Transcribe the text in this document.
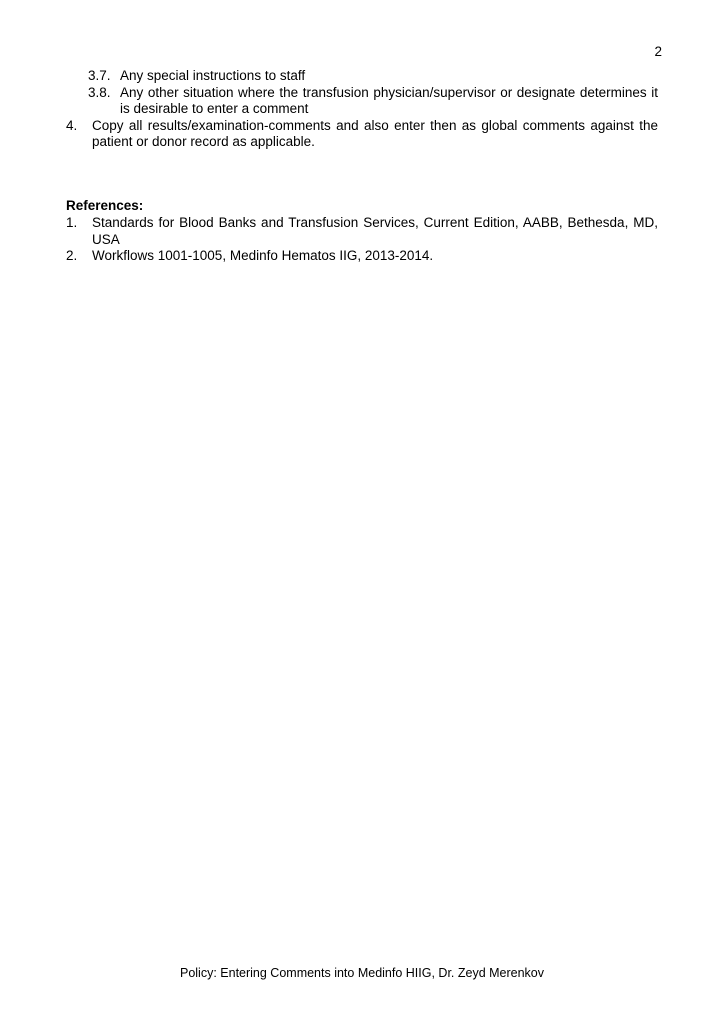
2
3.7. Any special instructions to staff
3.8. Any other situation where the transfusion physician/supervisor or designate determines it is desirable to enter a comment
4.	Copy all results/examination-comments and also enter then as global comments against the patient or donor record as applicable.
References:
1.	Standards for Blood Banks and Transfusion Services, Current Edition, AABB, Bethesda, MD, USA
2.	Workflows 1001-1005, Medinfo Hematos IIG, 2013-2014.
Policy: Entering Comments into Medinfo HIIG, Dr. Zeyd Merenkov
